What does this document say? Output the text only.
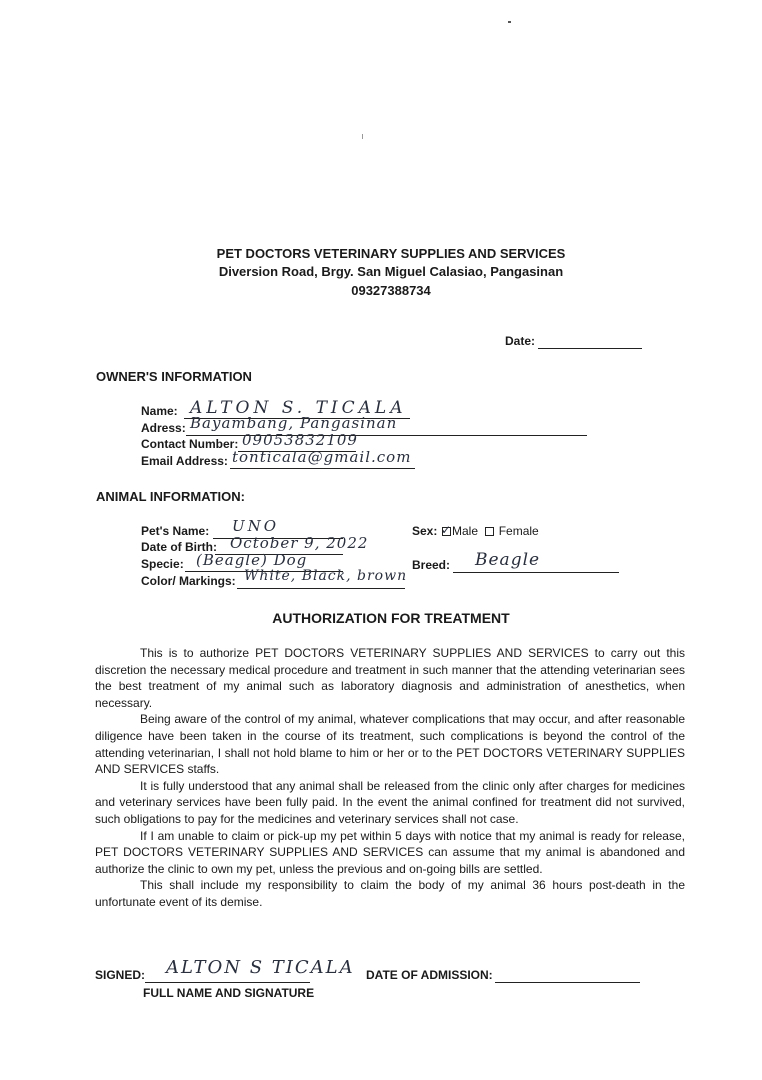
PET DOCTORS VETERINARY SUPPLIES AND SERVICES
Diversion Road, Brgy. San Miguel Calasiao, Pangasinan
09327388734
Date:
OWNER'S INFORMATION
Name: ALTON S. TICALA
Adress: Bayambang, Pangasinan
Contact Number: 09053832109
Email Address: tonticala@gmail.com
ANIMAL INFORMATION:
Pet's Name: UNO
Date of Birth: October 9, 2022
Specie: (Beagle) Dog
Color/ Markings: White, Black, brown
Sex: ✓ Male Female
Breed: Beagle
AUTHORIZATION FOR TREATMENT

This is to authorize PET DOCTORS VETERINARY SUPPLIES AND SERVICES to carry out this discretion the necessary medical procedure and treatment in such manner that the attending veterinarian sees the best treatment of my animal such as laboratory diagnosis and administration of anesthetics, when necessary.

Being aware of the control of my animal, whatever complications that may occur, and after reasonable diligence have been taken in the course of its treatment, such complications is beyond the control of the attending veterinarian, I shall not hold blame to him or her or to the PET DOCTORS VETERINARY SUPPLIES AND SERVICES staffs.

It is fully understood that any animal shall be released from the clinic only after charges for medicines and veterinary services have been fully paid. In the event the animal confined for treatment did not survived, such obligations to pay for the medicines and veterinary services shall not case.

If I am unable to claim or pick-up my pet within 5 days with notice that my animal is ready for release, PET DOCTORS VETERINARY SUPPLIES AND SERVICES can assume that my animal is abandoned and authorize the clinic to own my pet, unless the previous and on-going bills are settled.

This shall include my responsibility to claim the body of my animal 36 hours post-death in the unfortunate event of its demise.

SIGNED: ALTON S TICALA
FULL NAME AND SIGNATURE
DATE OF ADMISSION:
